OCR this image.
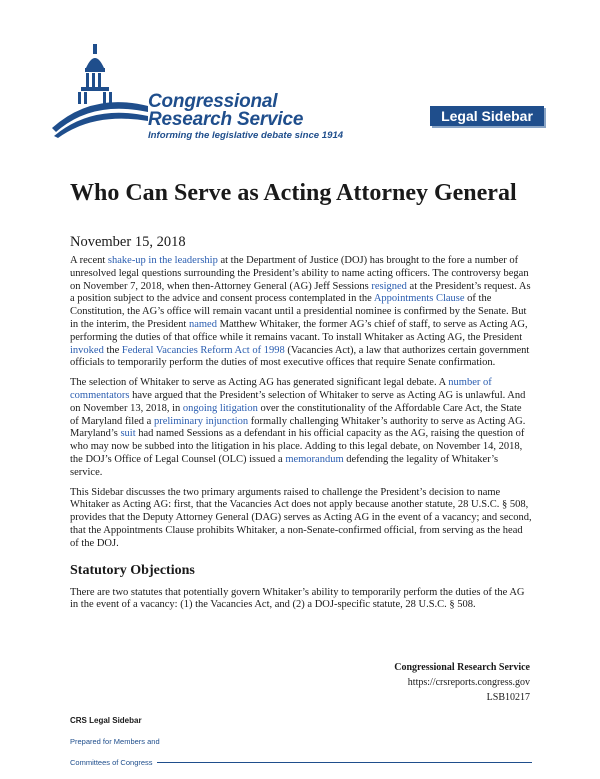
Congressional
Research Service
Informing the legislative debate since 1914
Legal Sidebar
Who Can Serve as Acting Attorney General
November 15, 2018

A recent shake-up in the leadership at the Department of Justice (DOJ) has brought to the fore a number of unresolved legal questions surrounding the President’s ability to name acting officers. The controversy began on November 7, 2018, when then-Attorney General (AG) Jeff Sessions resigned at the President’s request. As a position subject to the advice and consent process contemplated in the Appointments Clause of the Constitution, the AG’s office will remain vacant until a presidential nominee is confirmed by the Senate. But in the interim, the President named Matthew Whitaker, the former AG’s chief of staff, to serve as Acting AG, performing the duties of that office while it remains vacant. To install Whitaker as Acting AG, the President invoked the Federal Vacancies Reform Act of 1998 (Vacancies Act), a law that authorizes certain government officials to temporarily perform the duties of most executive offices that require Senate confirmation.

The selection of Whitaker to serve as Acting AG has generated significant legal debate. A number of commentators have argued that the President’s selection of Whitaker to serve as Acting AG is unlawful. And on November 13, 2018, in ongoing litigation over the constitutionality of the Affordable Care Act, the State of Maryland filed a preliminary injunction formally challenging Whitaker’s authority to serve as Acting AG. Maryland’s suit had named Sessions as a defendant in his official capacity as the AG, raising the question of who may now be subbed into the litigation in his place. Adding to this legal debate, on November 14, 2018, the DOJ’s Office of Legal Counsel (OLC) issued a memorandum defending the legality of Whitaker’s service.

This Sidebar discusses the two primary arguments raised to challenge the President’s decision to name Whitaker as Acting AG: first, that the Vacancies Act does not apply because another statute, 28 U.S.C. § 508, provides that the Deputy Attorney General (DAG) serves as Acting AG in the event of a vacancy; and second, that the Appointments Clause prohibits Whitaker, a non-Senate-confirmed official, from serving as the head of the DOJ.

Statutory Objections

There are two statutes that potentially govern Whitaker’s ability to temporarily perform the duties of the AG in the event of a vacancy: (1) the Vacancies Act, and (2) a DOJ-specific statute, 28 U.S.C. § 508.

Congressional Research Service
https://crsreports.congress.gov
LSB10217
CRS Legal Sidebar
Prepared for Members and
Committees of Congress
